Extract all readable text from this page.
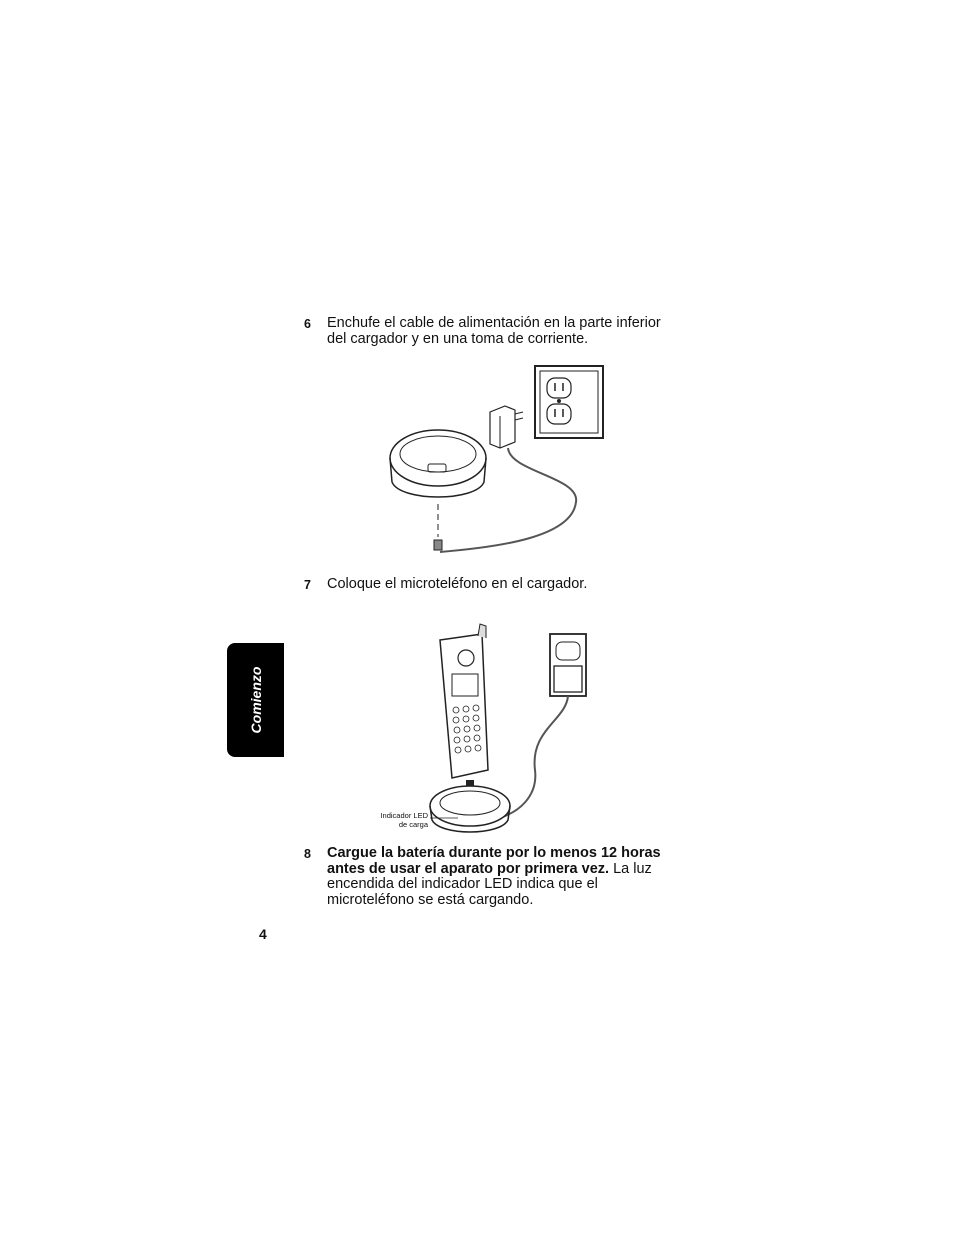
6 Enchufe el cable de alimentación en la parte inferior del cargador y en una toma de corriente.
7 Coloque el microteléfono en el cargador.
Indicador LED
de carga
8 Cargue la batería durante por lo menos 12 horas antes de usar el aparato por primera vez. La luz encendida del indicador LED indica que el microteléfono se está cargando.
Comienzo
4
